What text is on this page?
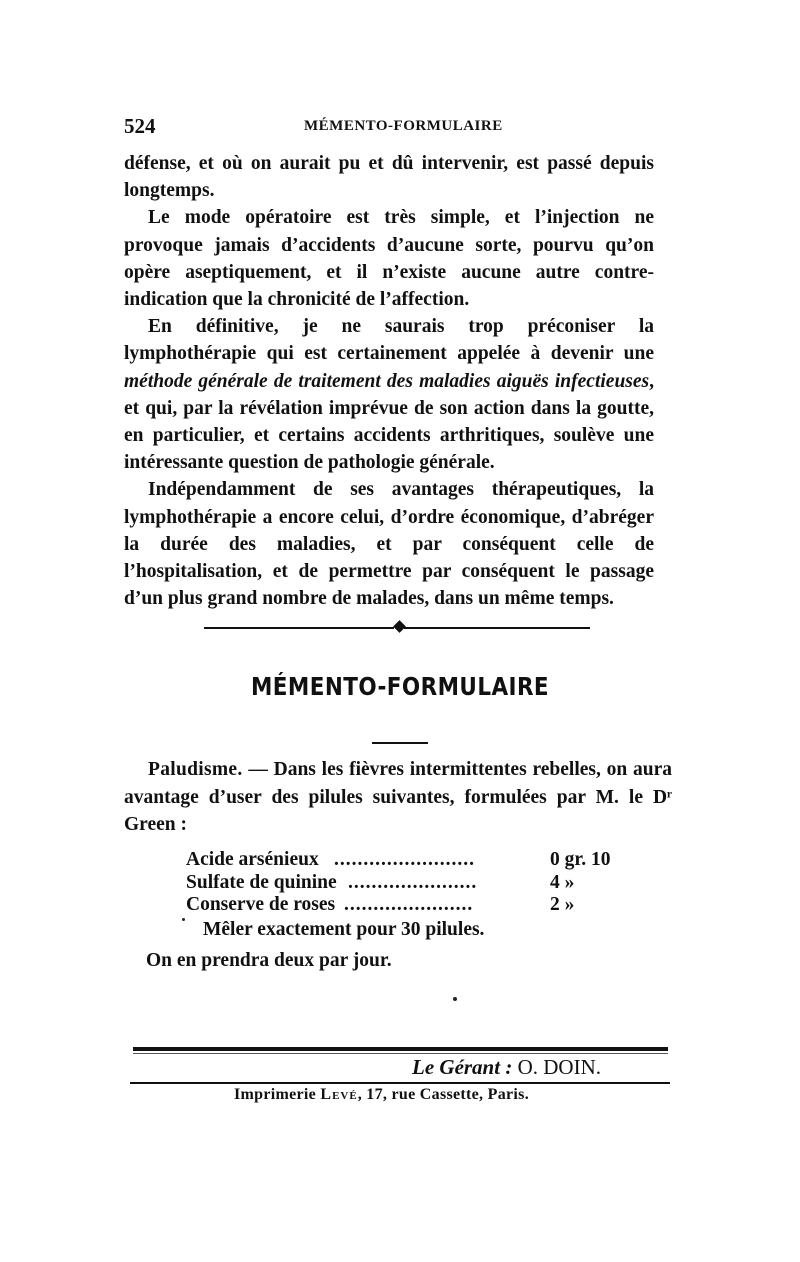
524	MÉMENTO-FORMULAIRE

défense, et où on aurait pu et dû intervenir, est passé depuis longtemps.

Le mode opératoire est très simple, et l’injection ne provoque jamais d’accidents d’aucune sorte, pourvu qu’on opère aseptiquement, et il n’existe aucune autre contre-indication que la chronicité de l’affection.

En définitive, je ne saurais trop préconiser la lymphothérapie qui est certainement appelée à devenir une méthode générale de traitement des maladies aiguës infectieuses, et qui, par la révélation imprévue de son action dans la goutte, en particulier, et certains accidents arthritiques, soulève une intéressante question de pathologie générale.

Indépendamment de ses avantages thérapeutiques, la lymphothérapie a encore celui, d’ordre économique, d’abréger la durée des maladies, et par conséquent celle de l’hospitalisation, et de permettre par conséquent le passage d’un plus grand nombre de malades, dans un même temps.

MÉMENTO-FORMULAIRE

Paludisme. — Dans les fièvres intermittentes rebelles, on aura avantage d’user des pilules suivantes, formulées par M. le Dʳ Green :

Acide arsénieux ........................	0 gr. 10
Sulfate de quinine ......................	4 »
Conserve de roses ......................	2 »
Mêler exactement pour 30 pilules.
On en prendra deux par jour.
Le Gérant : O. DOIN.
Imprimerie Levé, 17, rue Cassette, Paris.
